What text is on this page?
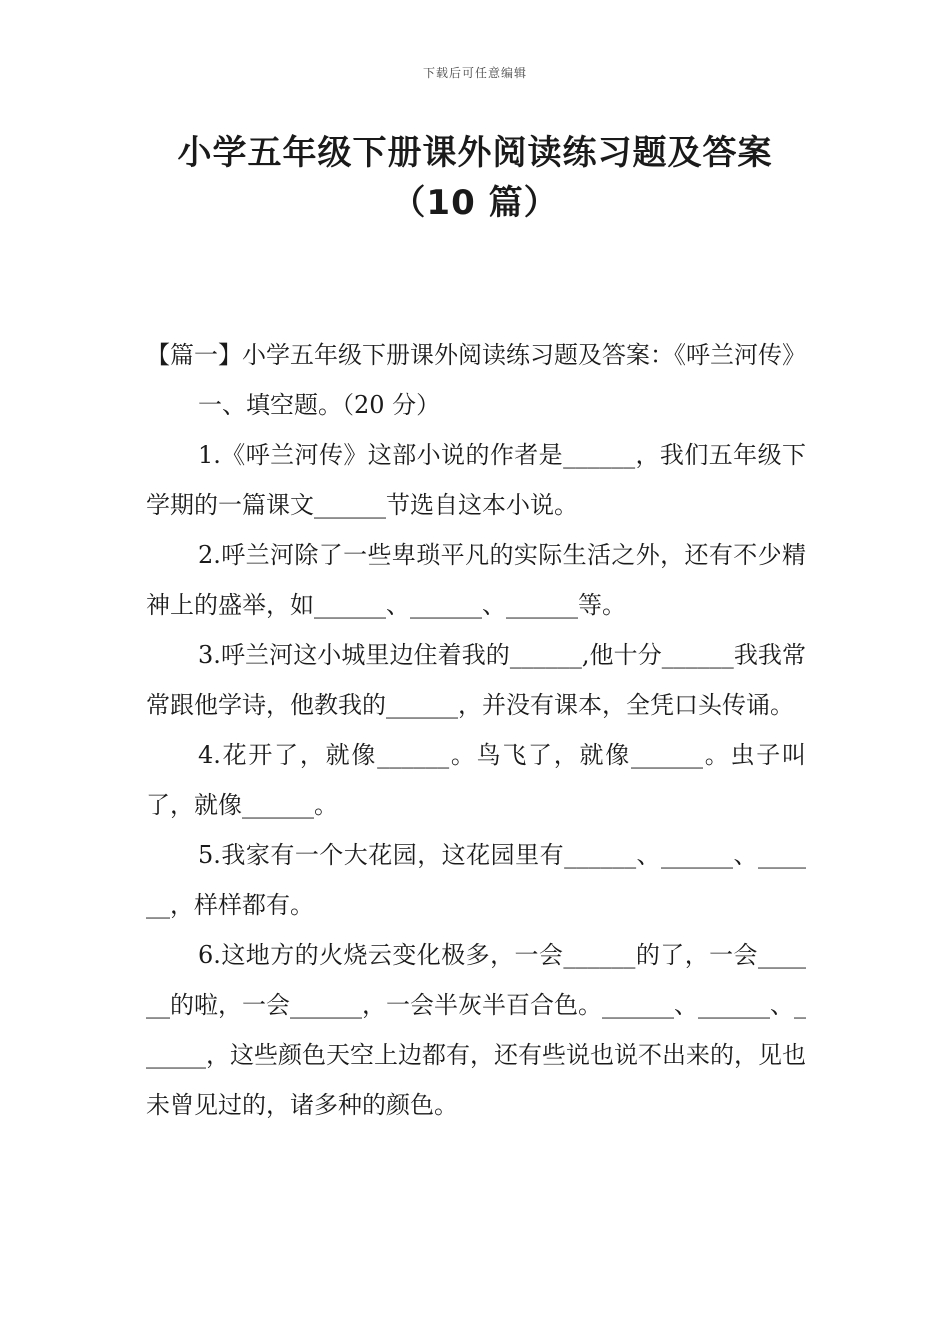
下载后可任意编辑
小学五年级下册课外阅读练习题及答案
（10 篇）

【篇一】小学五年级下册课外阅读练习题及答案：《呼兰河传》

一、填空题。（20 分）

1.《呼兰河传》这部小说的作者是______，我们五年级下学期的一篇课文______节选自这本小说。

2.呼兰河除了一些卑琐平凡的实际生活之外，还有不少精神上的盛举，如______、______、______等。

3.呼兰河这小城里边住着我的______,他十分______我我常常跟他学诗，他教我的______，并没有课本，全凭口头传诵。

4.花开了，就像______。鸟飞了，就像______。虫子叫了，就像______。

5.我家有一个大花园，这花园里有______、______、______，样样都有。

6.这地方的火烧云变化极多，一会______的了，一会______的啦，一会______，一会半灰半百合色。______、______、______，这些颜色天空上边都有，还有些说也说不出来的，见也未曾见过的，诸多种的颜色。
